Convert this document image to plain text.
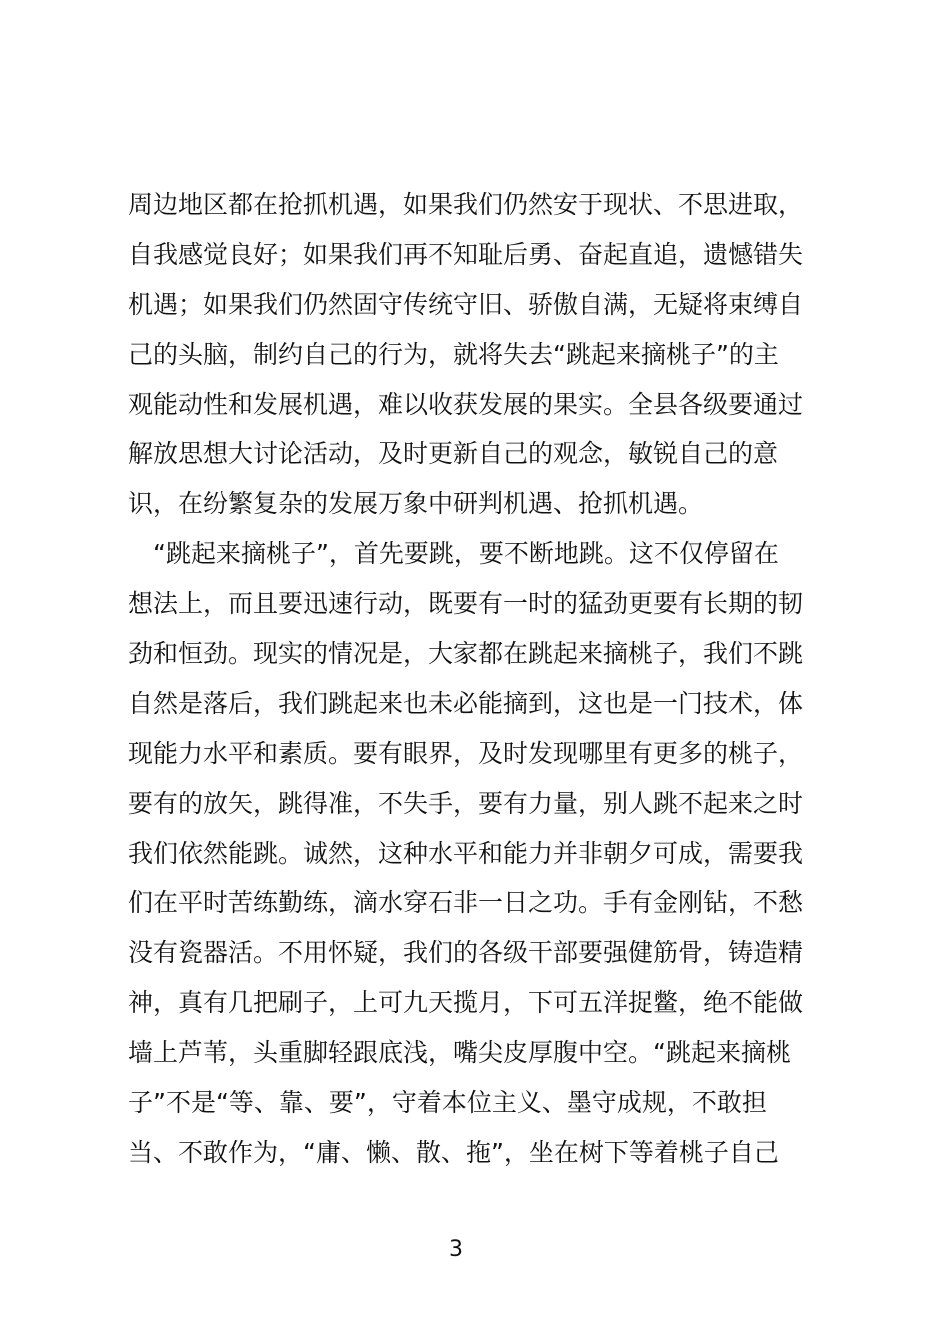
周边地区都在抢抓机遇，如果我们仍然安于现状、不思进取，
自我感觉良好；如果我们再不知耻后勇、奋起直追，遗憾错失
机遇；如果我们仍然固守传统守旧、骄傲自满，无疑将束缚自
己的头脑，制约自己的行为，就将失去“跳起来摘桃子”的主
观能动性和发展机遇，难以收获发展的果实。全县各级要通过
解放思想大讨论活动，及时更新自己的观念，敏锐自己的意
识，在纷繁复杂的发展万象中研判机遇、抢抓机遇。
　“跳起来摘桃子”，首先要跳，要不断地跳。这不仅停留在
想法上，而且要迅速行动，既要有一时的猛劲更要有长期的韧
劲和恒劲。现实的情况是，大家都在跳起来摘桃子，我们不跳
自然是落后，我们跳起来也未必能摘到，这也是一门技术，体
现能力水平和素质。要有眼界，及时发现哪里有更多的桃子，
要有的放矢，跳得准，不失手，要有力量，别人跳不起来之时
我们依然能跳。诚然，这种水平和能力并非朝夕可成，需要我
们在平时苦练勤练，滴水穿石非一日之功。手有金刚钻，不愁
没有瓷器活。不用怀疑，我们的各级干部要强健筋骨，铸造精
神，真有几把刷子，上可九天揽月，下可五洋捉鳖，绝不能做
墙上芦苇，头重脚轻跟底浅，嘴尖皮厚腹中空。“跳起来摘桃
子”不是“等、靠、要”，守着本位主义、墨守成规，不敢担
当、不敢作为，“庸、懒、散、拖”，坐在树下等着桃子自己
3
